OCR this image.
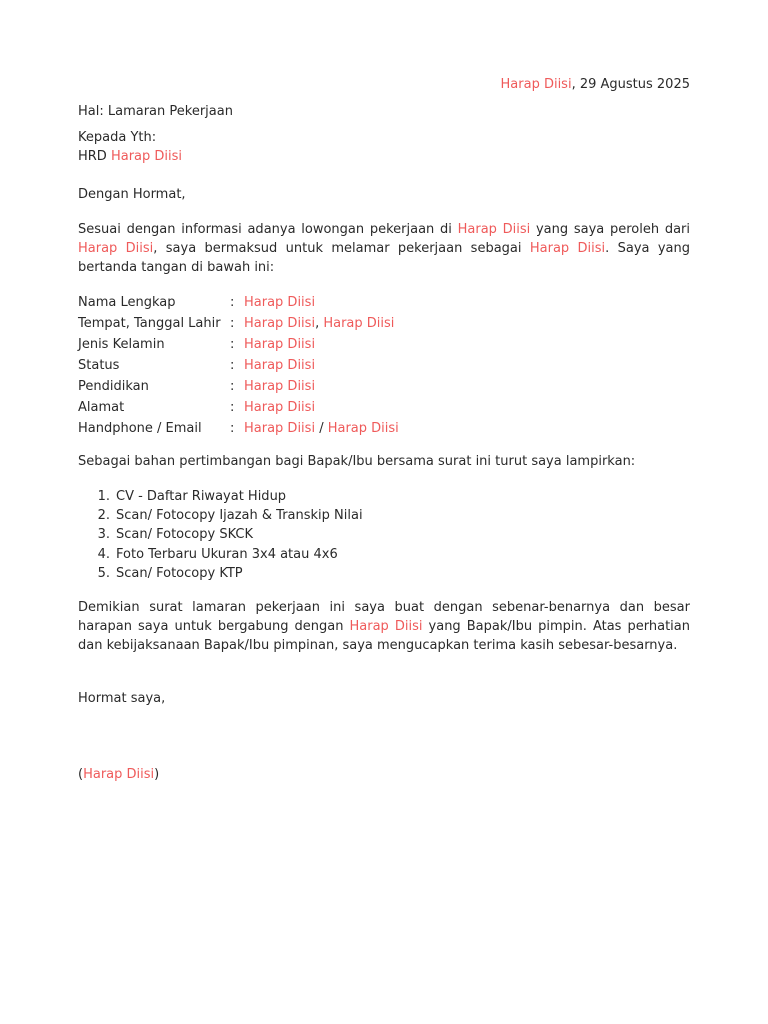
Harap Diisi, 29 Agustus 2025
Hal: Lamaran Pekerjaan
Kepada Yth:
HRD Harap Diisi
Dengan Hormat,
Sesuai dengan informasi adanya lowongan pekerjaan di Harap Diisi yang saya peroleh dari Harap Diisi, saya bermaksud untuk melamar pekerjaan sebagai Harap Diisi. Saya yang bertanda tangan di bawah ini:
Nama Lengkap	: Harap Diisi
Tempat, Tanggal Lahir : Harap Diisi, Harap Diisi
Jenis Kelamin	: Harap Diisi
Status	: Harap Diisi
Pendidikan	: Harap Diisi
Alamat	: Harap Diisi
Handphone / Email	: Harap Diisi / Harap Diisi
Sebagai bahan pertimbangan bagi Bapak/Ibu bersama surat ini turut saya lampirkan:
1. CV - Daftar Riwayat Hidup
2. Scan/ Fotocopy Ijazah & Transkip Nilai
3. Scan/ Fotocopy SKCK
4. Foto Terbaru Ukuran 3x4 atau 4x6
5. Scan/ Fotocopy KTP
Demikian surat lamaran pekerjaan ini saya buat dengan sebenar-benarnya dan besar harapan saya untuk bergabung dengan Harap Diisi yang Bapak/Ibu pimpin. Atas perhatian dan kebijaksanaan Bapak/Ibu pimpinan, saya mengucapkan terima kasih sebesar-besarnya.
Hormat saya,
(Harap Diisi)
